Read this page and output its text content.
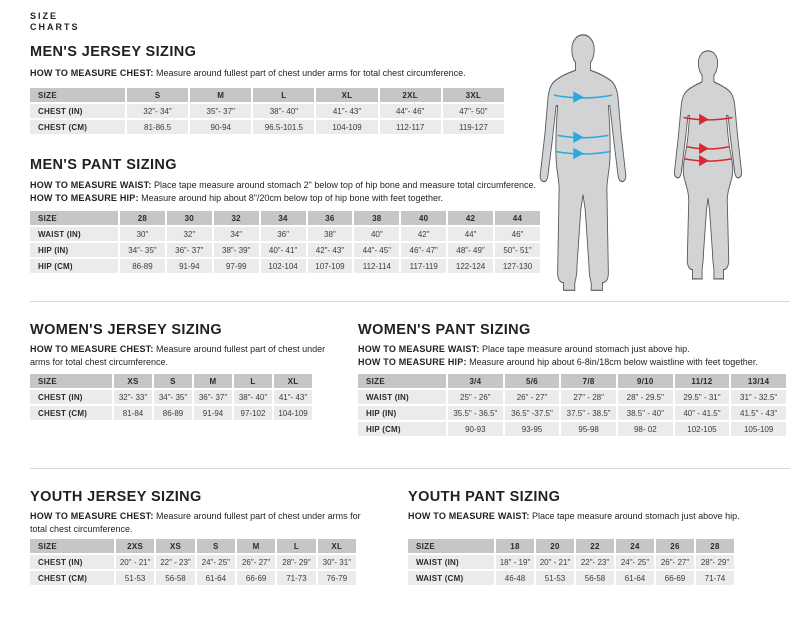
SIZE
CHARTS
MEN'S JERSEY SIZING
HOW TO MEASURE CHEST: Measure around fullest part of chest under arms for total chest circumference.
SIZE	S	M	L	XL	2XL	3XL
CHEST (IN)	32"- 34"	35"- 37"	38"- 40"	41"- 43"	44"- 46"	47"- 50"
CHEST (CM)	81-86.5	90-94	96.5-101.5	104-109	112-117	119-127
MEN'S PANT SIZING
HOW TO MEASURE WAIST: Place tape measure around stomach 2" below top of hip bone and measure total circumference.
HOW TO MEASURE HIP: Measure around hip about 8"/20cm below top of hip bone with feet together.
SIZE	28	30	32	34	36	38	40	42	44
WAIST (IN)	30"	32"	34"	36"	38"	40"	42"	44"	46"
HIP (IN)	34"- 35"	36"- 37"	38"- 39"	40"- 41"	42"- 43"	44"- 45"	46"- 47"	48"- 49"	50"- 51"
HIP (CM)	86-89	91-94	97-99	102-104	107-109	112-114	117-119	122-124	127-130
WOMEN'S JERSEY SIZING
HOW TO MEASURE CHEST: Measure around fullest part of chest under arms for total chest circumference.
SIZE	XS	S	M	L	XL
CHEST (IN)	32"- 33"	34"- 35"	36"- 37"	38"- 40"	41"- 43"
CHEST (CM)	81-84	86-89	91-94	97-102	104-109
WOMEN'S PANT SIZING
HOW TO MEASURE WAIST: Place tape measure around stomach just above hip.
HOW TO MEASURE HIP: Measure around hip about 6-8in/18cm below waistline with feet together.
SIZE	3/4	5/6	7/8	9/10	11/12	13/14
WAIST (IN)	25" - 26"	26" - 27"	27" - 28"	28" - 29.5"	29.5" - 31"	31" - 32.5"
HIP (IN)	35.5" - 36.5"	36.5" -37.5"	37.5" - 38.5"	38.5" - 40"	40" - 41.5"	41.5" - 43"
HIP (CM)	90-93	93-95	95-98	98- 02	102-105	105-109
YOUTH JERSEY SIZING
HOW TO MEASURE CHEST: Measure around fullest part of chest under arms for total chest circumference.
SIZE	2XS	XS	S	M	L	XL
CHEST (IN)	20" - 21"	22" - 23"	24"- 25"	26"- 27"	28"- 29"	30"- 31"
CHEST (CM)	51-53	56-58	61-64	66-69	71-73	76-79
YOUTH PANT SIZING
HOW TO MEASURE WAIST: Place tape measure around stomach just above hip.
SIZE	18	20	22	24	26	28
WAIST (IN)	18" - 19"	20" - 21"	22"- 23"	24"- 25"	26"- 27"	28"- 29"
WAIST (CM)	46-48	51-53	56-58	61-64	66-69	71-74
